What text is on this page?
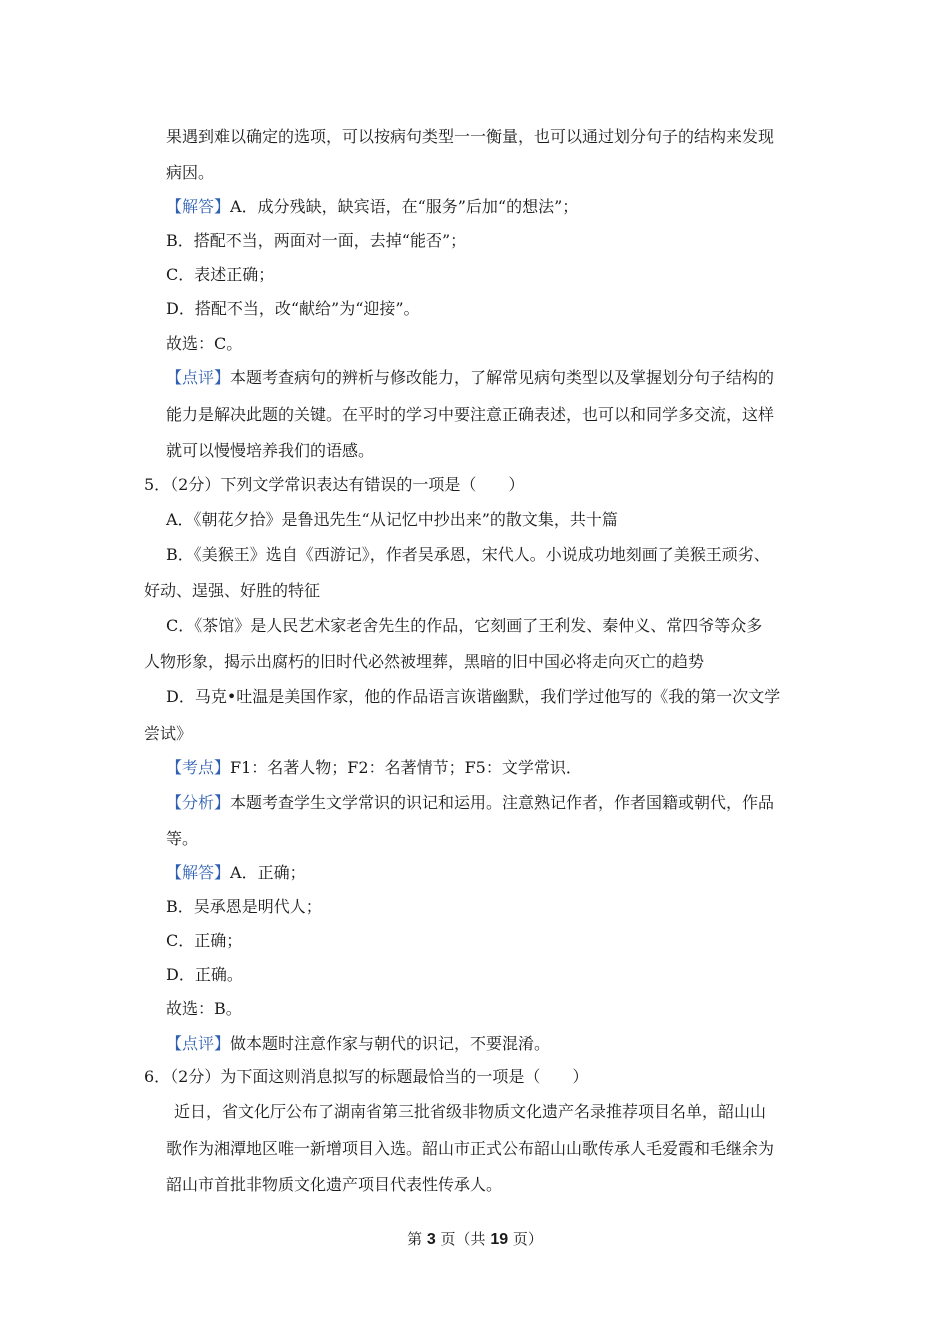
果遇到难以确定的选项，可以按病句类型一一衡量，也可以通过划分句子的结构来发现
病因。
【解答】A．成分残缺，缺宾语，在“服务”后加“的想法”；
B．搭配不当，两面对一面，去掉“能否”；
C．表述正确；
D．搭配不当，改“献给”为“迎接”。
故选：C。
【点评】本题考查病句的辨析与修改能力，了解常见病句类型以及掌握划分句子结构的
能力是解决此题的关键。在平时的学习中要注意正确表述，也可以和同学多交流，这样
就可以慢慢培养我们的语感。
5．（2分）下列文学常识表达有错误的一项是（　　）
A．《朝花夕拾》是鲁迅先生“从记忆中抄出来”的散文集，共十篇
B．《美猴王》选自《西游记》，作者吴承恩，宋代人。小说成功地刻画了美猴王顽劣、
好动、逞强、好胜的特征
C．《茶馆》是人民艺术家老舍先生的作品，它刻画了王利发、秦仲义、常四爷等众多
人物形象，揭示出腐朽的旧时代必然被埋葬，黑暗的旧中国必将走向灭亡的趋势
D．马克•吐温是美国作家，他的作品语言诙谐幽默，我们学过他写的《我的第一次文学
尝试》
【考点】F1：名著人物；F2：名著情节；F5：文学常识．
【分析】本题考查学生文学常识的识记和运用。注意熟记作者，作者国籍或朝代，作品
等。
【解答】A．正确；
B．吴承恩是明代人；
C．正确；
D．正确。
故选：B。
【点评】做本题时注意作家与朝代的识记，不要混淆。
6．（2分）为下面这则消息拟写的标题最恰当的一项是（　　）
近日，省文化厅公布了湖南省第三批省级非物质文化遗产名录推荐项目名单，韶山山
歌作为湘潭地区唯一新增项目入选。韶山市正式公布韶山山歌传承人毛爱霞和毛继余为
韶山市首批非物质文化遗产项目代表性传承人。
第 3 页（共 19 页）
